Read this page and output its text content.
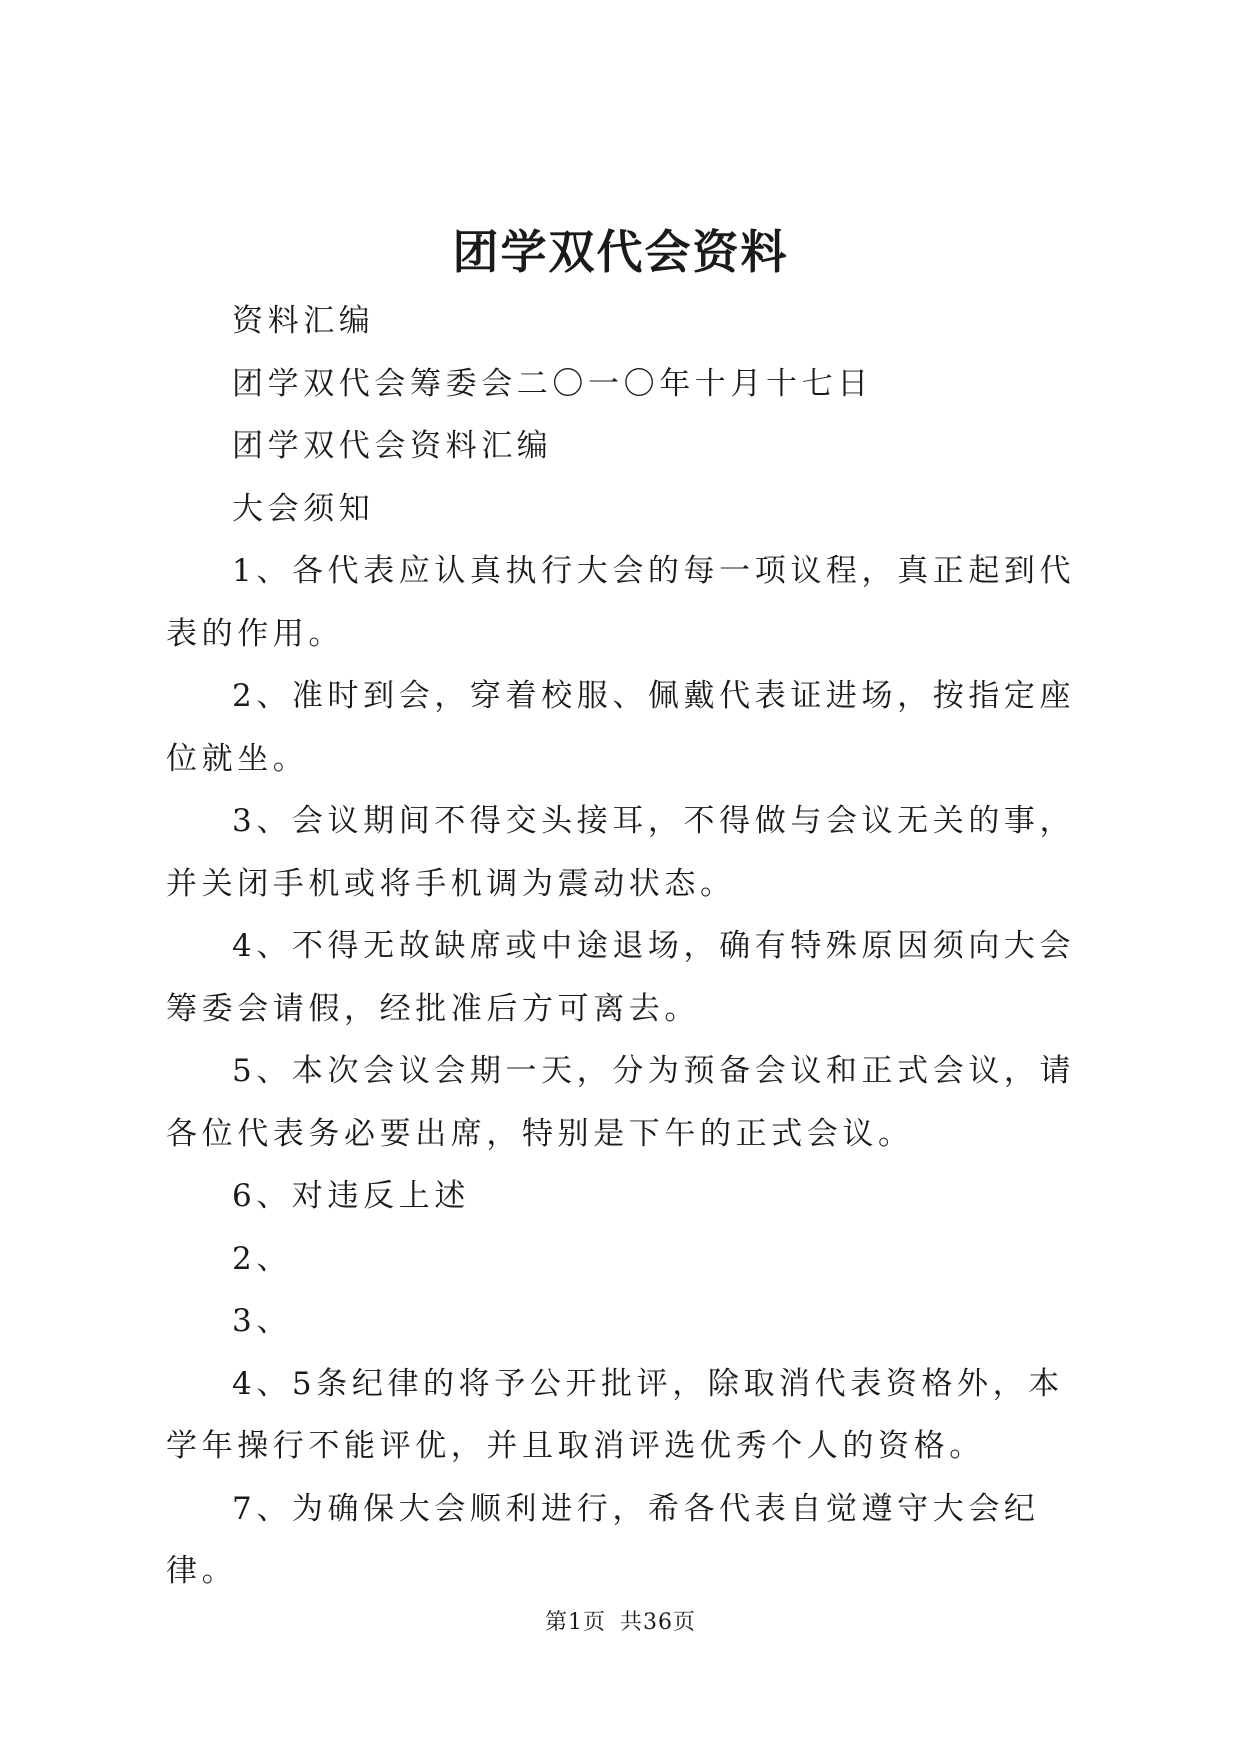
团学双代会资料

资料汇编

团学双代会筹委会二〇一〇年十月十七日

团学双代会资料汇编

大会须知

1、各代表应认真执行大会的每一项议程，真正起到代表的作用。

2、准时到会，穿着校服、佩戴代表证进场，按指定座位就坐。

3、会议期间不得交头接耳，不得做与会议无关的事，并关闭手机或将手机调为震动状态。

4、不得无故缺席或中途退场，确有特殊原因须向大会筹委会请假，经批准后方可离去。

5、本次会议会期一天，分为预备会议和正式会议，请各位代表务必要出席，特别是下午的正式会议。

6、对违反上述

2、

3、

4、5条纪律的将予公开批评，除取消代表资格外，本学年操行不能评优，并且取消评选优秀个人的资格。

7、为确保大会顺利进行，希各代表自觉遵守大会纪律。

第1页 共36页
